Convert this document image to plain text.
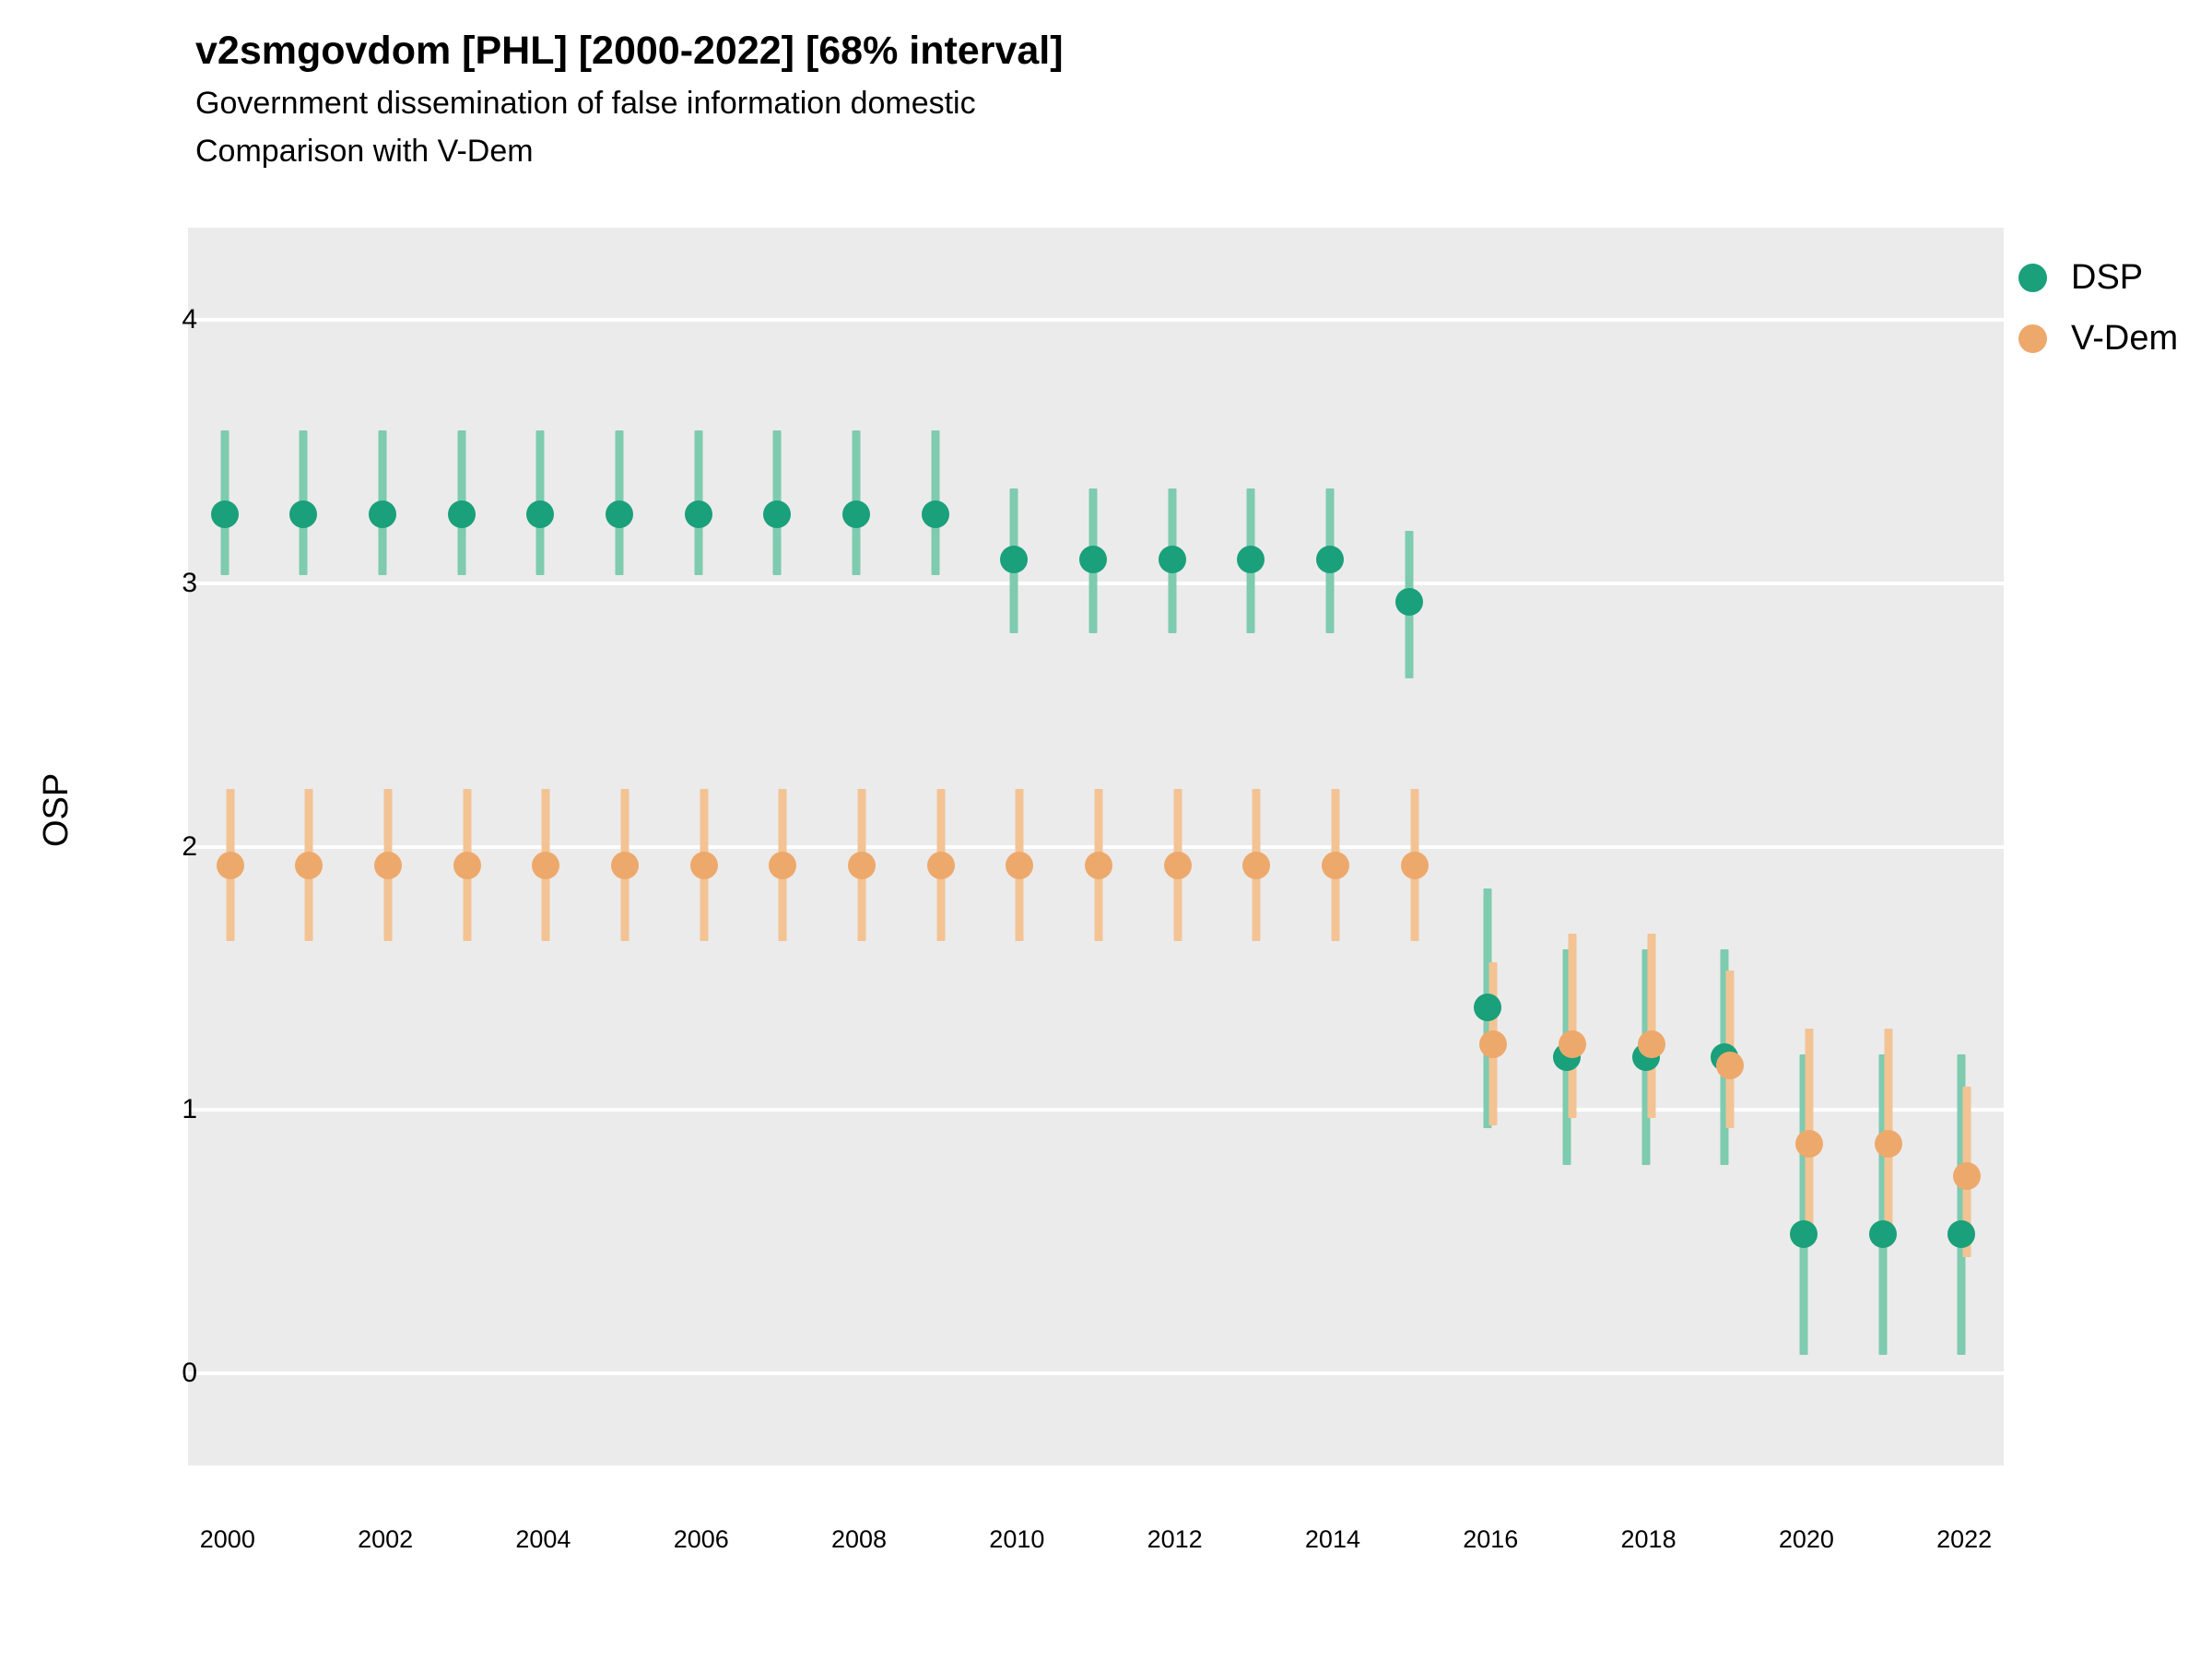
v2smgovdom [PHL] [2000-2022] [68% interval]
Government dissemination of false information domestic
Comparison with V-Dem
OSP
0
1
2
3
4
2000	2002	2004	2006	2008	2010	2012	2014	2016	2018	2020	2022
DSP
V-Dem
